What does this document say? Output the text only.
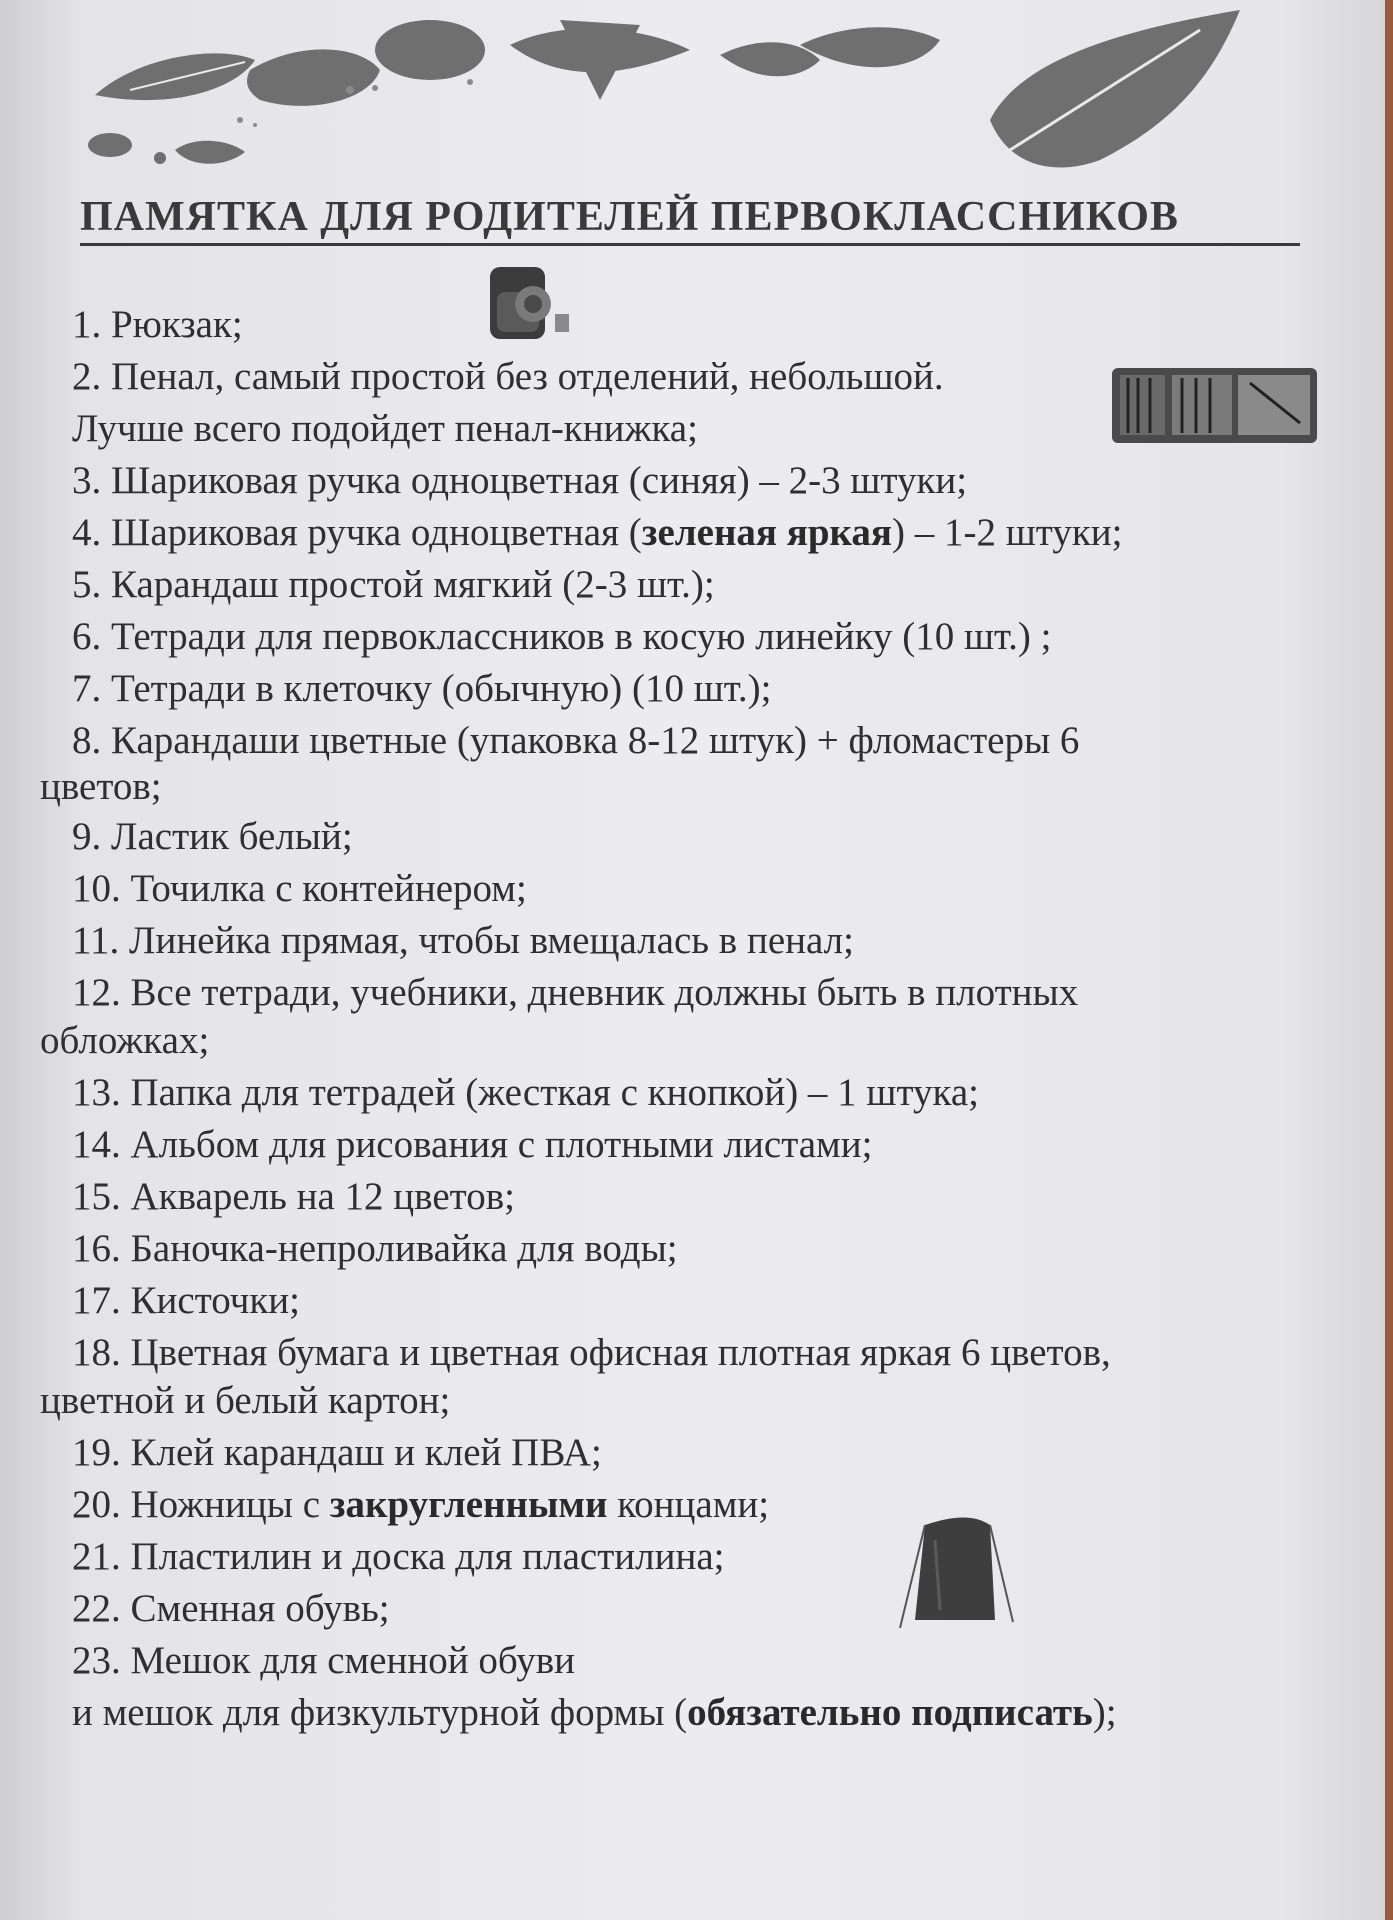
ПАМЯТКА ДЛЯ РОДИТЕЛЕЙ ПЕРВОКЛАССНИКОВ
1. Рюкзак;
2. Пенал, самый простой без отделений, небольшой.
Лучше всего подойдет пенал-книжка;
3. Шариковая ручка одноцветная (синяя) – 2-3 штуки;
4. Шариковая ручка одноцветная (зеленая яркая) – 1-2 штуки;
5. Карандаш простой мягкий (2-3 шт.);
6. Тетради для первоклассников в косую линейку (10 шт.) ;
7. Тетради в клеточку (обычную) (10 шт.);
8. Карандаши цветные (упаковка 8-12 штук) + фломастеры 6
цветов;
9. Ластик белый;
10. Точилка с контейнером;
11. Линейка прямая, чтобы вмещалась в пенал;
12. Все тетради, учебники, дневник должны быть в плотных
обложках;
13. Папка для тетрадей (жесткая с кнопкой) – 1 штука;
14. Альбом для рисования с плотными листами;
15. Акварель на 12 цветов;
16. Баночка-непроливайка для воды;
17. Кисточки;
18. Цветная бумага и цветная офисная плотная яркая 6 цветов,
цветной и белый картон;
19. Клей карандаш и клей ПВА;
20. Ножницы с закругленными концами;
21. Пластилин и доска для пластилина;
22. Сменная обувь;
23. Мешок для сменной обуви
и мешок для физкультурной формы (обязательно подписать);
